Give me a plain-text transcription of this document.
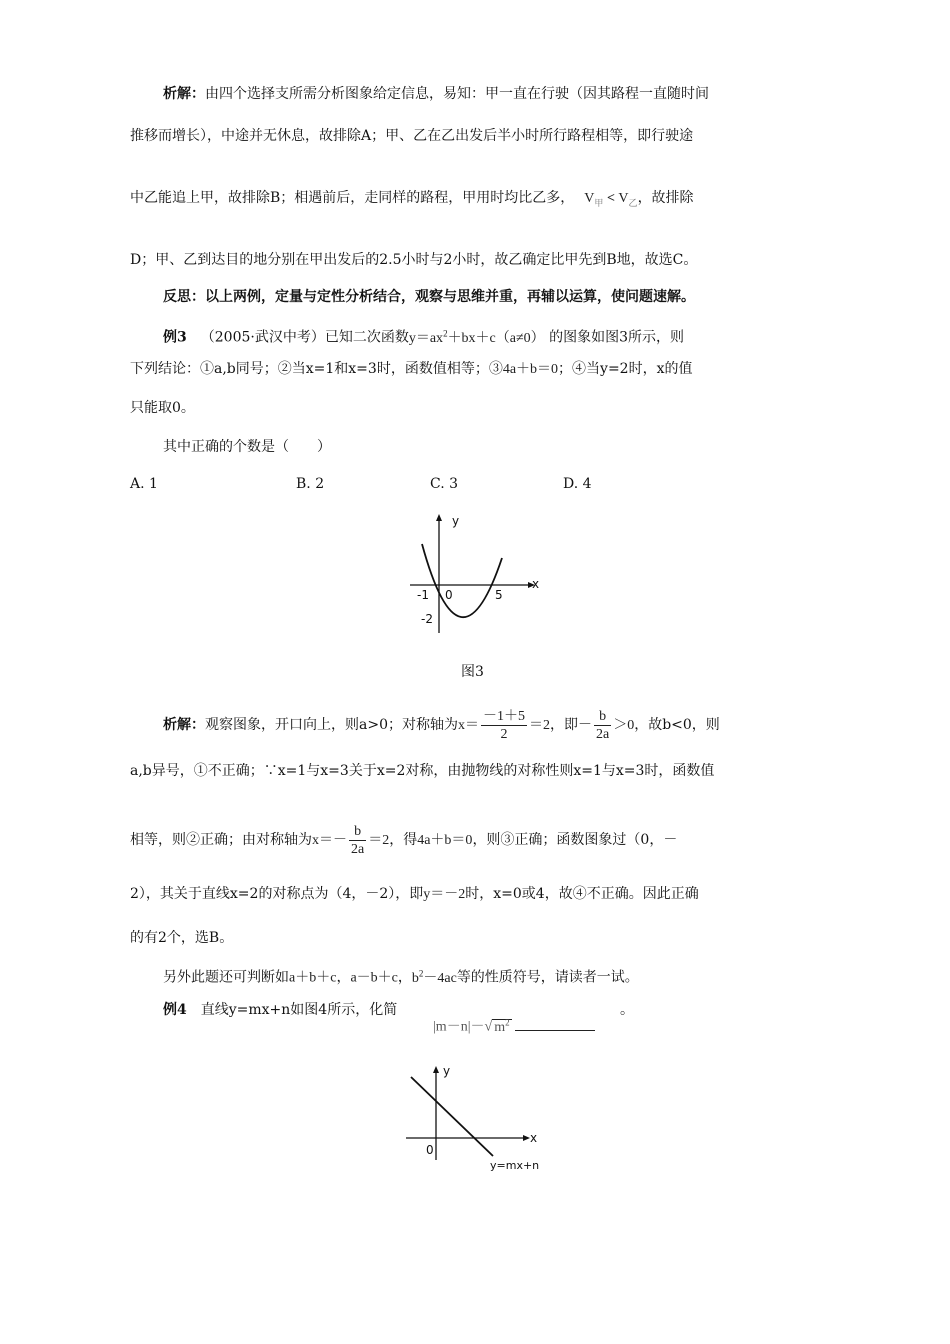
析解：由四个选择支所需分析图象给定信息，易知：甲一直在行驶（因其路程一直随时间
推移而增长），中途并无休息，故排除A；甲、乙在乙出发后半小时所行路程相等，即行驶途
中乙能追上甲，故排除B；相遇前后，走同样的路程，甲用时均比乙多， $V_甲 < V_乙$，故排除
D；甲、乙到达目的地分别在甲出发后的2.5小时与2小时，故乙确定比甲先到B地，故选C。
反思：以上两例，定量与定性分析结合，观察与思维并重，再辅以运算，使问题速解。
例3  （2005·武汉中考）已知二次函数$y=ax^2+bx+c(a\ne 0)$ 的图象如图3所示，则
下列结论：①a,b同号；②当x=1和x=3时，函数值相等；③4a＋b＝0；④当y=2时，x的值
只能取0。
其中正确的个数是（　　）
A. 1	B. 2	C. 3	D. 4
y
x
-1 0	5
-2
图3
析解：观察图象，开口向上，则a>0；对称轴为$x= \frac{-1+5}{2} =2$，即－ $\frac{b}{2a} >0$，故b<0，则
a,b异号，①不正确；∵x=1与x=3关于x=2对称，由抛物线的对称性则x=1与x=3时，函数值
相等，则②正确；由对称轴为$x=- \frac{b}{2a} =2$，得4a＋b＝0，则③正确；函数图象过（0，－
2），其关于直线x=2的对称点为（4，－2），即y＝－2时，x=0或4，故④不正确。因此正确
的有2个，选B。
另外此题还可判断如a＋b＋c，a－b＋c，$b^2-4ac$等的性质符号，请读者一试。
例4  直线y=mx+n如图4所示，化简
|m－n|－√ $m^2$
。
y
x
0
y=mx+n
